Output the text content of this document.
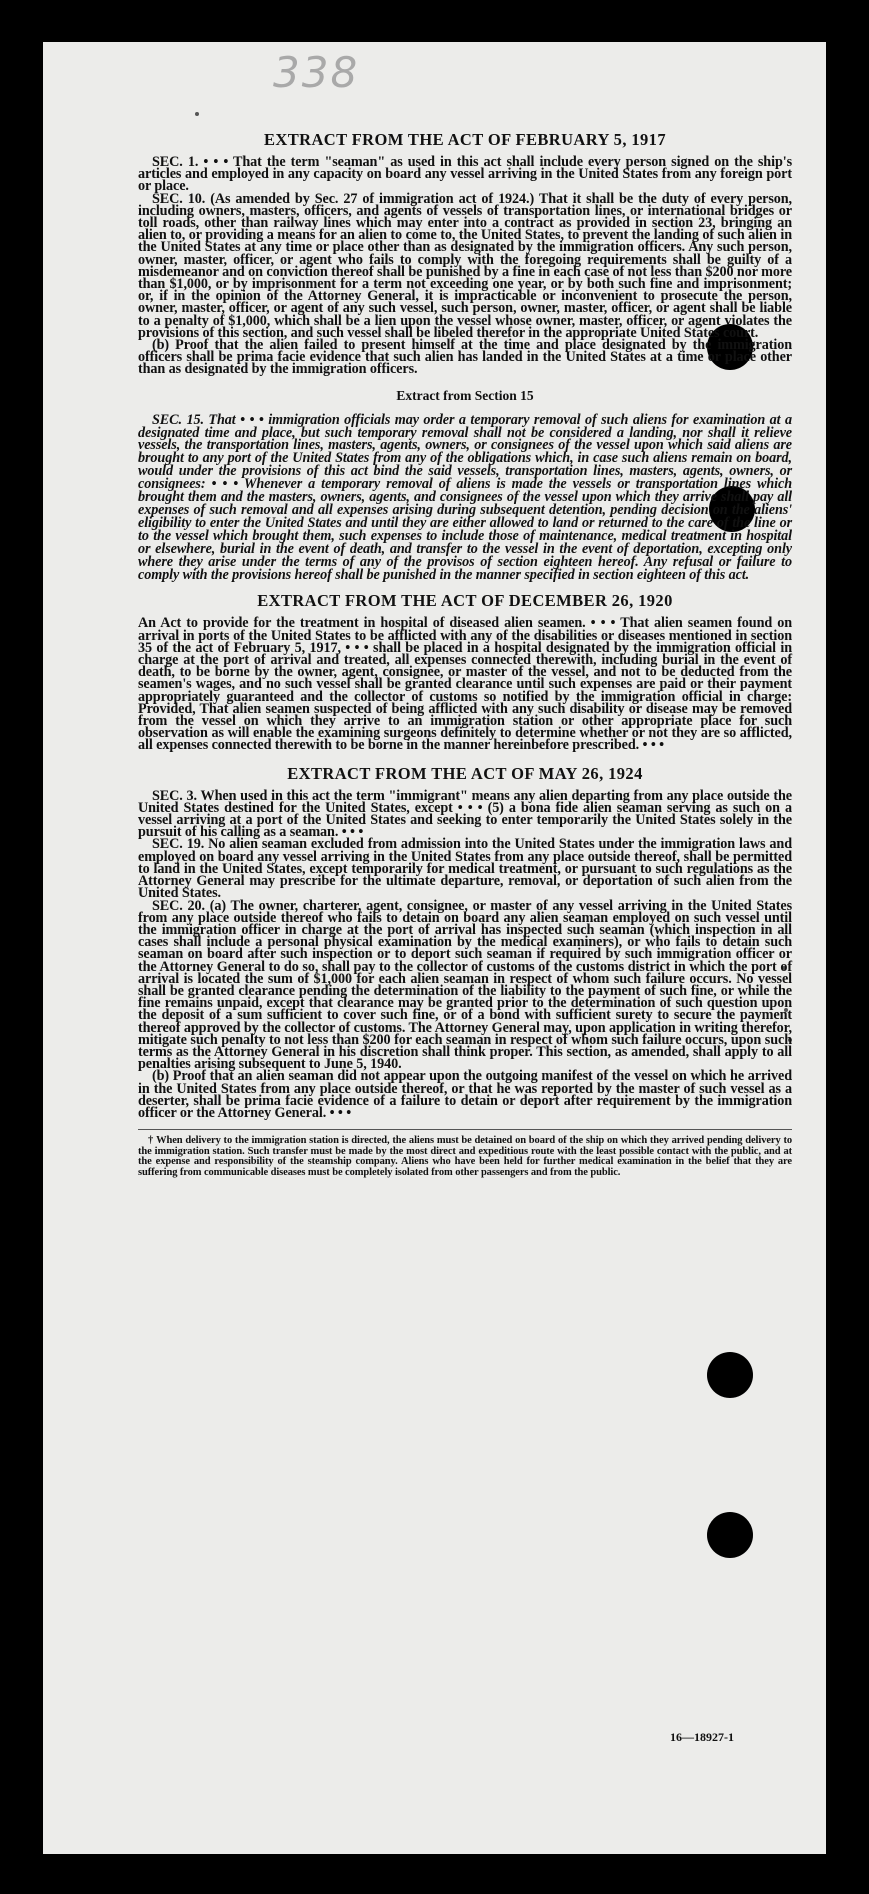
338
EXTRACT FROM THE ACT OF FEBRUARY 5, 1917

SEC. 1. • • • That the term "seaman" as used in this act shall include every person signed on the ship's articles and employed in any capacity on board any vessel arriving in the United States from any foreign port or place.

SEC. 10. (As amended by Sec. 27 of immigration act of 1924.) That it shall be the duty of every person, including owners, masters, officers, and agents of vessels of transportation lines, or international bridges or toll roads, other than railway lines which may enter into a contract as provided in section 23, bringing an alien to, or providing a means for an alien to come to, the United States, to prevent the landing of such alien in the United States at any time or place other than as designated by the immigration officers. Any such person, owner, master, officer, or agent who fails to comply with the foregoing requirements shall be guilty of a misdemeanor and on conviction thereof shall be punished by a fine in each case of not less than $200 nor more than $1,000, or by imprisonment for a term not exceeding one year, or by both such fine and imprisonment; or, if in the opinion of the Attorney General, it is impracticable or inconvenient to prosecute the person, owner, master, officer, or agent of any such vessel, such person, owner, master, officer, or agent shall be liable to a penalty of $1,000, which shall be a lien upon the vessel whose owner, master, officer, or agent violates the provisions of this section, and such vessel shall be libeled therefor in the appropriate United States court.

(b) Proof that the alien failed to present himself at the time and place designated by the immigration officers shall be prima facie evidence that such alien has landed in the United States at a time or place other than as designated by the immigration officers.

Extract from Section 15

SEC. 15. That • • • immigration officials may order a temporary removal of such aliens for examination at a designated time and place, but such temporary removal shall not be considered a landing, nor shall it relieve vessels, the transportation lines, masters, agents, owners, or consignees of the vessel upon which said aliens are brought to any port of the United States from any of the obligations which, in case such aliens remain on board, would under the provisions of this act bind the said vessels, transportation lines, masters, agents, owners, or consignees: • • • Whenever a temporary removal of aliens is made the vessels or transportation lines which brought them and the masters, owners, agents, and consignees of the vessel upon which they arrive shall pay all expenses of such removal and all expenses arising during subsequent detention, pending decision on the aliens' eligibility to enter the United States and until they are either allowed to land or returned to the care of the line or to the vessel which brought them, such expenses to include those of maintenance, medical treatment in hospital or elsewhere, burial in the event of death, and transfer to the vessel in the event of deportation, excepting only where they arise under the terms of any of the provisos of section eighteen hereof. Any refusal or failure to comply with the provisions hereof shall be punished in the manner specified in section eighteen of this act.

EXTRACT FROM THE ACT OF DECEMBER 26, 1920

An Act to provide for the treatment in hospital of diseased alien seamen. • • • That alien seamen found on arrival in ports of the United States to be afflicted with any of the disabilities or diseases mentioned in section 35 of the act of February 5, 1917, • • • shall be placed in a hospital designated by the immigration official in charge at the port of arrival and treated, all expenses connected therewith, including burial in the event of death, to be borne by the owner, agent, consignee, or master of the vessel, and not to be deducted from the seamen's wages, and no such vessel shall be granted clearance until such expenses are paid or their payment appropriately guaranteed and the collector of customs so notified by the immigration official in charge: Provided, That alien seamen suspected of being afflicted with any such disability or disease may be removed from the vessel on which they arrive to an immigration station or other appropriate place for such observation as will enable the examining surgeons definitely to determine whether or not they are so afflicted, all expenses connected therewith to be borne in the manner hereinbefore prescribed. • • •

EXTRACT FROM THE ACT OF MAY 26, 1924

SEC. 3. When used in this act the term "immigrant" means any alien departing from any place outside the United States destined for the United States, except • • • (5) a bona fide alien seaman serving as such on a vessel arriving at a port of the United States and seeking to enter temporarily the United States solely in the pursuit of his calling as a seaman. • • •

SEC. 19. No alien seaman excluded from admission into the United States under the immigration laws and employed on board any vessel arriving in the United States from any place outside thereof, shall be permitted to land in the United States, except temporarily for medical treatment, or pursuant to such regulations as the Attorney General may prescribe for the ultimate departure, removal, or deportation of such alien from the United States.

SEC. 20. (a) The owner, charterer, agent, consignee, or master of any vessel arriving in the United States from any place outside thereof who fails to detain on board any alien seaman employed on such vessel until the immigration officer in charge at the port of arrival has inspected such seaman (which inspection in all cases shall include a personal physical examination by the medical examiners), or who fails to detain such seaman on board after such inspection or to deport such seaman if required by such immigration officer or the Attorney General to do so, shall pay to the collector of customs of the customs district in which the port of arrival is located the sum of $1,000 for each alien seaman in respect of whom such failure occurs. No vessel shall be granted clearance pending the determination of the liability to the payment of such fine, or while the fine remains unpaid, except that clearance may be granted prior to the determination of such question upon the deposit of a sum sufficient to cover such fine, or of a bond with sufficient surety to secure the payment thereof approved by the collector of customs. The Attorney General may, upon application in writing therefor, mitigate such penalty to not less than $200 for each seaman in respect of whom such failure occurs, upon such terms as the Attorney General in his discretion shall think proper. This section, as amended, shall apply to all penalties arising subsequent to June 5, 1940.

(b) Proof that an alien seaman did not appear upon the outgoing manifest of the vessel on which he arrived in the United States from any place outside thereof, or that he was reported by the master of such vessel as a deserter, shall be prima facie evidence of a failure to detain or deport after requirement by the immigration officer or the Attorney General. • • •

† When delivery to the immigration station is directed, the aliens must be detained on board of the ship on which they arrived pending delivery to the immigration station. Such transfer must be made by the most direct and expeditious route with the least possible contact with the public, and at the expense and responsibility of the steamship company. Aliens who have been held for further medical examination in the belief that they are suffering from communicable diseases must be completely isolated from other passengers and from the public.

16—18927-1
